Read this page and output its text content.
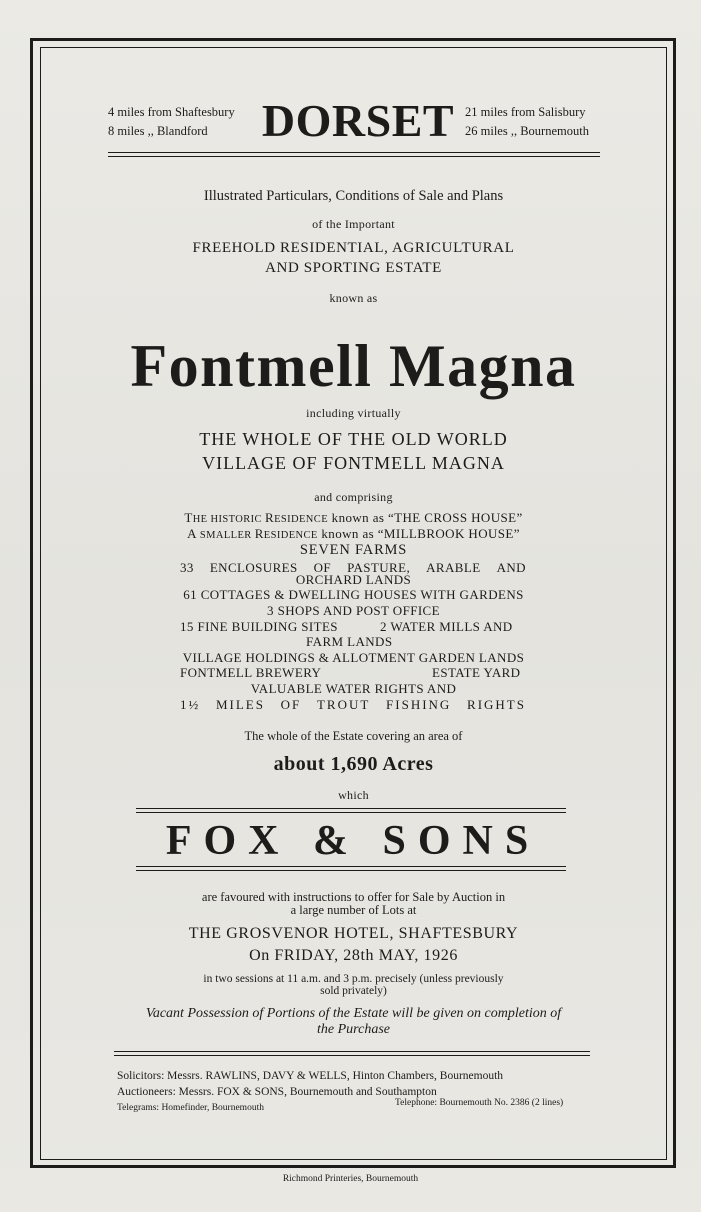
4 miles from Shaftesbury
8 miles ,, Blandford DORSET 21 miles from Salisbury
26 miles ,, Bournemouth
Illustrated Particulars, Conditions of Sale and Plans
of the Important
FREEHOLD RESIDENTIAL, AGRICULTURAL
AND SPORTING ESTATE
known as
Fontmell Magna
including virtually
THE WHOLE OF THE OLD WORLD
VILLAGE OF FONTMELL MAGNA
and comprising
THE HISTORIC RESIDENCE known as “THE CROSS HOUSE”
A SMALLER RESIDENCE known as “MILLBROOK HOUSE”
SEVEN FARMS
33 ENCLOSURES OF PASTURE, ARABLE AND
ORCHARD LANDS
61 COTTAGES & DWELLING HOUSES WITH GARDENS
3 SHOPS AND POST OFFICE
15 FINE BUILDING SITES	2 WATER MILLS AND
FARM LANDS
VILLAGE HOLDINGS & ALLOTMENT GARDEN LANDS
FONTMELL BREWERY	ESTATE YARD
VALUABLE WATER RIGHTS AND
1½ MILES OF TROUT FISHING RIGHTS
The whole of the Estate covering an area of
about 1,690 Acres
which
FOX & SONS
are favoured with instructions to offer for Sale by Auction in
a large number of Lots at
THE GROSVENOR HOTEL, SHAFTESBURY
On FRIDAY, 28th MAY, 1926
in two sessions at 11 a.m. and 3 p.m. precisely (unless previously
sold privately)
Vacant Possession of Portions of the Estate will be given on completion of
the Purchase
Solicitors: Messrs. RAWLINS, DAVY & WELLS, Hinton Chambers, Bournemouth
Auctioneers: Messrs. FOX & SONS, Bournemouth and Southampton
Telegrams: Homefinder, Bournemouth	Telephone: Bournemouth No. 2386 (2 lines)
Richmond Printeries, Bournemouth
